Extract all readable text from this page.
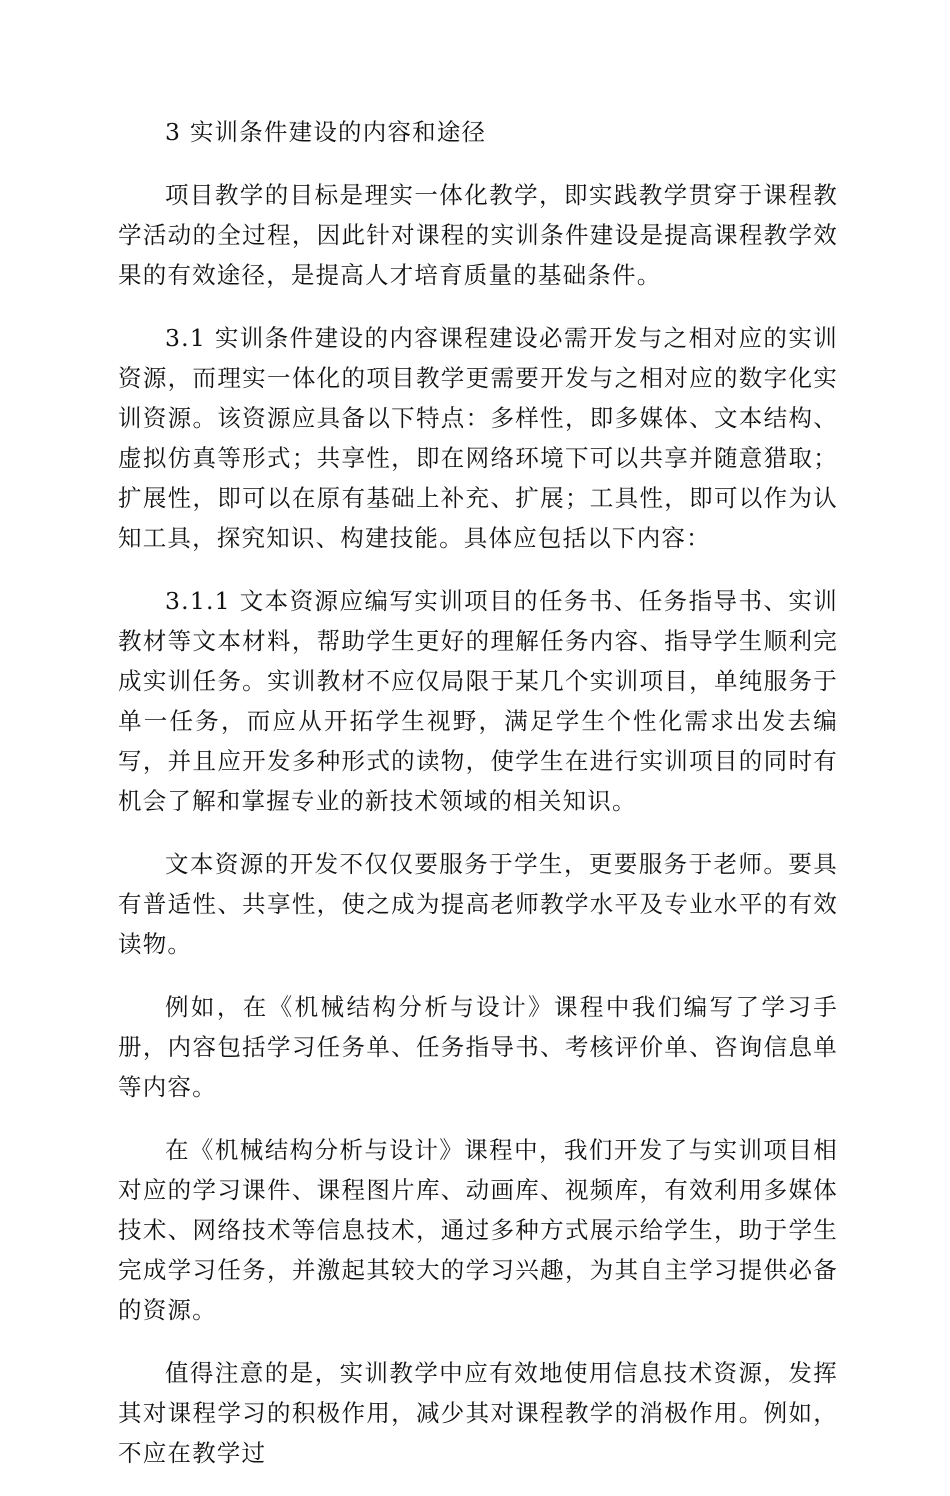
3 实训条件建设的内容和途径

项目教学的目标是理实一体化教学，即实践教学贯穿于课程教学活动的全过程，因此针对课程的实训条件建设是提高课程教学效果的有效途径，是提高人才培育质量的基础条件。

3.1 实训条件建设的内容课程建设必需开发与之相对应的实训资源，而理实一体化的项目教学更需要开发与之相对应的数字化实训资源。该资源应具备以下特点：多样性，即多媒体、文本结构、虚拟仿真等形式；共享性，即在网络环境下可以共享并随意猎取；扩展性，即可以在原有基础上补充、扩展；工具性，即可以作为认知工具，探究知识、构建技能。具体应包括以下内容：

3.1.1 文本资源应编写实训项目的任务书、任务指导书、实训教材等文本材料，帮助学生更好的理解任务内容、指导学生顺利完成实训任务。实训教材不应仅局限于某几个实训项目，单纯服务于单一任务，而应从开拓学生视野，满足学生个性化需求出发去编写，并且应开发多种形式的读物，使学生在进行实训项目的同时有机会了解和掌握专业的新技术领域的相关知识。

文本资源的开发不仅仅要服务于学生，更要服务于老师。要具有普适性、共享性，使之成为提高老师教学水平及专业水平的有效读物。

例如，在《机械结构分析与设计》课程中我们编写了学习手册，内容包括学习任务单、任务指导书、考核评价单、咨询信息单等内容。

在《机械结构分析与设计》课程中，我们开发了与实训项目相对应的学习课件、课程图片库、动画库、视频库，有效利用多媒体技术、网络技术等信息技术，通过多种方式展示给学生，助于学生完成学习任务，并激起其较大的学习兴趣，为其自主学习提供必备的资源。

值得注意的是，实训教学中应有效地使用信息技术资源，发挥其对课程学习的积极作用，减少其对课程教学的消极作用。例如，不应在教学过
